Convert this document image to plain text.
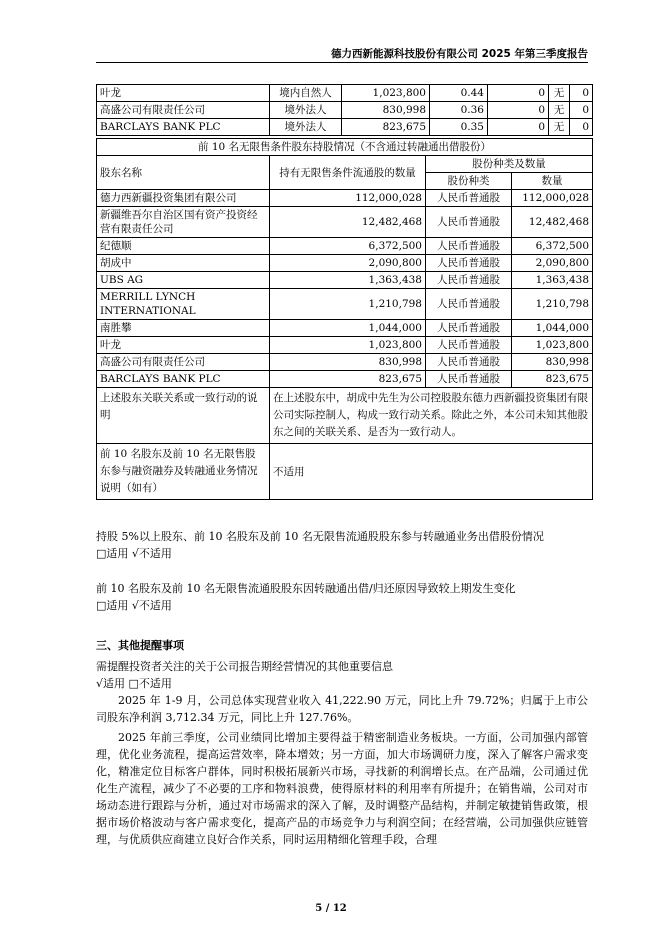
德力西新能源科技股份有限公司 2025 年第三季度报告
叶龙	境内自然人	1,023,800	0.44	0	无	0
高盛公司有限责任公司	境外法人	830,998	0.36	0	无	0
BARCLAYS BANK PLC	境外法人	823,675	0.35	0	无	0
前 10 名无限售条件股东持股情况（不含通过转融通出借股份）			
股东名称	持有无限售条件流通股的数量	股份种类及数量	
		股份种类	数量
德力西新疆投资集团有限公司	112,000,028	人民币普通股	112,000,028
新疆维吾尔自治区国有资产投资经营有限责任公司	12,482,468	人民币普通股	12,482,468
纪德顺	6,372,500	人民币普通股	6,372,500
胡成中	2,090,800	人民币普通股	2,090,800
UBS AG	1,363,438	人民币普通股	1,363,438
MERRILL LYNCH INTERNATIONAL	1,210,798	人民币普通股	1,210,798
南胜攀	1,044,000	人民币普通股	1,044,000
叶龙	1,023,800	人民币普通股	1,023,800
高盛公司有限责任公司	830,998	人民币普通股	830,998
BARCLAYS BANK PLC	823,675	人民币普通股	823,675
上述股东关联关系或一致行动的说明	在上述股东中，胡成中先生为公司控股股东德力西新疆投资集团有限公司实际控制人，构成一致行动关系。除此之外，本公司未知其他股东之间的关联关系、是否为一致行动人。		
前 10 名股东及前 10 名无限售股东参与融资融券及转融通业务情况说明（如有）	不适用		
持股 5%以上股东、前 10 名股东及前 10 名无限售流通股股东参与转融通业务出借股份情况
□适用 √不适用
前 10 名股东及前 10 名无限售流通股股东因转融通出借/归还原因导致较上期发生变化
□适用 √不适用
三、其他提醒事项
需提醒投资者关注的关于公司报告期经营情况的其他重要信息
√适用 □不适用
2025 年 1-9 月，公司总体实现营业收入 41,222.90 万元，同比上升 79.72%；归属于上市公司股东净利润 3,712.34 万元，同比上升 127.76%。
2025 年前三季度，公司业绩同比增加主要得益于精密制造业务板块。一方面，公司加强内部管理，优化业务流程，提高运营效率，降本增效；另一方面，加大市场调研力度，深入了解客户需求变化，精准定位目标客户群体，同时积极拓展新兴市场，寻找新的利润增长点。在产品端，公司通过优化生产流程，减少了不必要的工序和物料浪费，使得原材料的利用率有所提升；在销售端，公司对市场动态进行跟踪与分析，通过对市场需求的深入了解，及时调整产品结构，并制定敏捷销售政策，根据市场价格波动与客户需求变化，提高产品的市场竞争力与利润空间；在经营端，公司加强供应链管理，与优质供应商建立良好合作关系，同时运用精细化管理手段，合理
5 / 12
